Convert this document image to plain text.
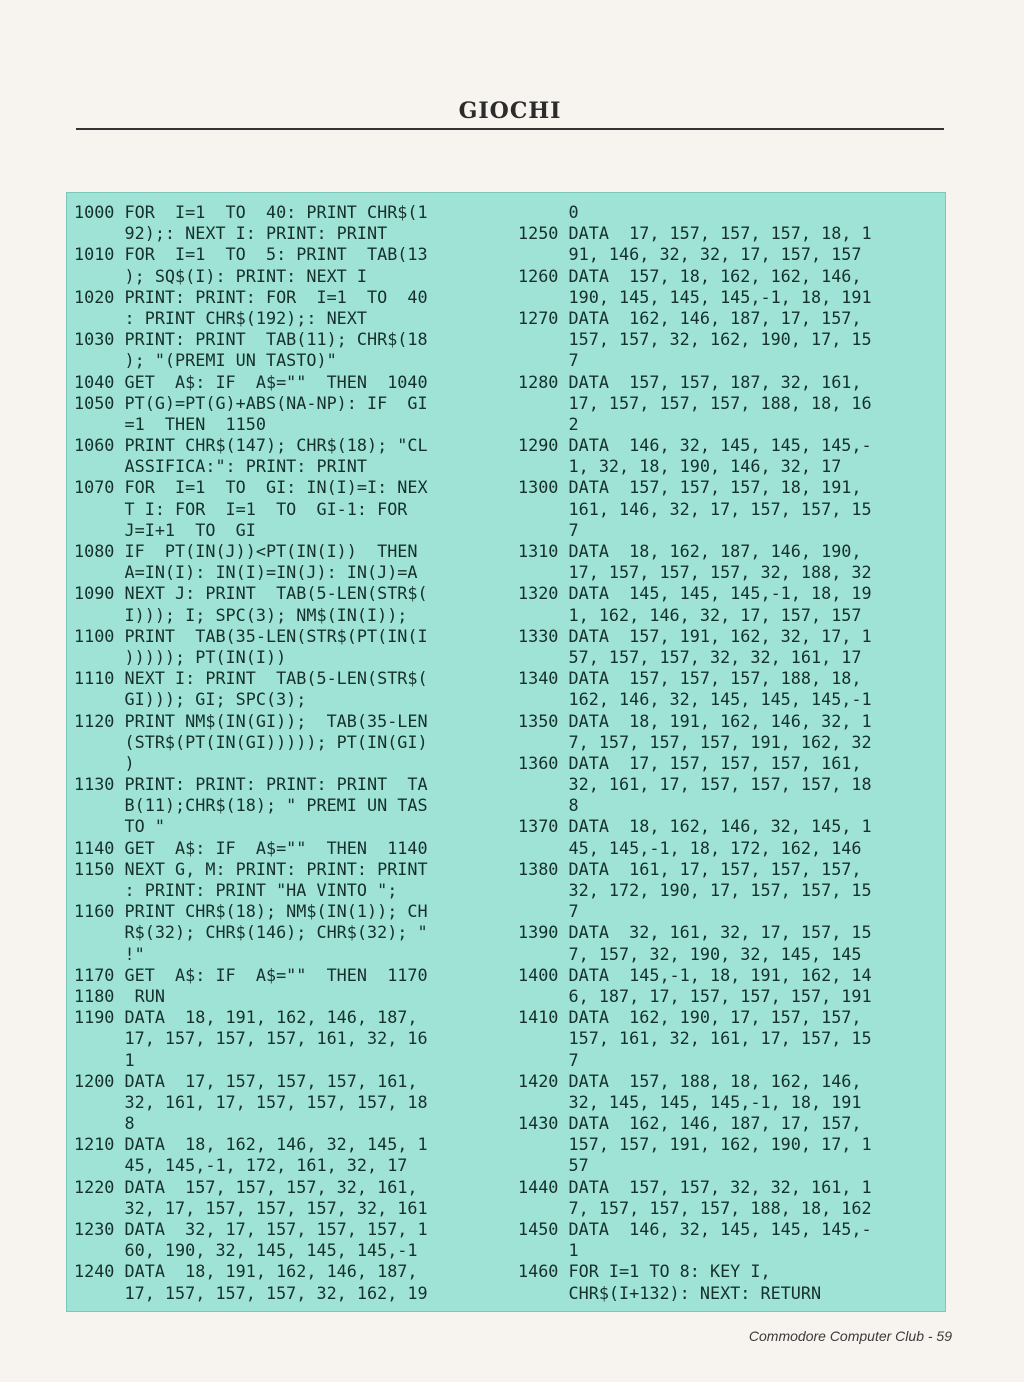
GIOCHI
1000 FOR  I=1  TO  40: PRINT CHR$(1
92);: NEXT I: PRINT: PRINT
1010 FOR  I=1  TO  5: PRINT  TAB(13
); SQ$(I): PRINT: NEXT I
1020 PRINT: PRINT: FOR  I=1  TO  40
: PRINT CHR$(192);: NEXT
1030 PRINT: PRINT  TAB(11); CHR$(18
); "(PREMI UN TASTO)"
1040 GET  A$: IF  A$=""  THEN  1040
1050 PT(G)=PT(G)+ABS(NA-NP): IF  GI
=1  THEN  1150
1060 PRINT CHR$(147); CHR$(18); "CL
ASSIFICA:": PRINT: PRINT
1070 FOR  I=1  TO  GI: IN(I)=I: NEX
T I: FOR  I=1  TO  GI-1: FOR
J=I+1  TO  GI
1080 IF  PT(IN(J))<PT(IN(I))  THEN
A=IN(I): IN(I)=IN(J): IN(J)=A
1090 NEXT J: PRINT  TAB(5-LEN(STR$(
I))); I; SPC(3); NM$(IN(I));
1100 PRINT  TAB(35-LEN(STR$(PT(IN(I
))))); PT(IN(I))
1110 NEXT I: PRINT  TAB(5-LEN(STR$(
GI))); GI; SPC(3);
1120 PRINT NM$(IN(GI));  TAB(35-LEN
(STR$(PT(IN(GI))))); PT(IN(GI)
)
1130 PRINT: PRINT: PRINT: PRINT  TA
B(11);CHR$(18); " PREMI UN TAS
TO "
1140 GET  A$: IF  A$=""  THEN  1140
1150 NEXT G, M: PRINT: PRINT: PRINT
: PRINT: PRINT "HA VINTO ";
1160 PRINT CHR$(18); NM$(IN(1)); CH
R$(32); CHR$(146); CHR$(32); "
!"
1170 GET  A$: IF  A$=""  THEN  1170
1180  RUN
1190 DATA  18, 191, 162, 146, 187,
17, 157, 157, 157, 161, 32, 16
1
1200 DATA  17, 157, 157, 157, 161,
32, 161, 17, 157, 157, 157, 18
8
1210 DATA  18, 162, 146, 32, 145, 1
45, 145,-1, 172, 161, 32, 17
1220 DATA  157, 157, 157, 32, 161,
32, 17, 157, 157, 157, 32, 161
1230 DATA  32, 17, 157, 157, 157, 1
60, 190, 32, 145, 145, 145,-1
1240 DATA  18, 191, 162, 146, 187,
17, 157, 157, 157, 32, 162, 19
0
1250 DATA  17, 157, 157, 157, 18, 1
91, 146, 32, 32, 17, 157, 157
1260 DATA  157, 18, 162, 162, 146,
190, 145, 145, 145,-1, 18, 191
1270 DATA  162, 146, 187, 17, 157,
157, 157, 32, 162, 190, 17, 15
7
1280 DATA  157, 157, 187, 32, 161,
17, 157, 157, 157, 188, 18, 16
2
1290 DATA  146, 32, 145, 145, 145,-
1, 32, 18, 190, 146, 32, 17
1300 DATA  157, 157, 157, 18, 191,
161, 146, 32, 17, 157, 157, 15
7
1310 DATA  18, 162, 187, 146, 190,
17, 157, 157, 157, 32, 188, 32
1320 DATA  145, 145, 145,-1, 18, 19
1, 162, 146, 32, 17, 157, 157
1330 DATA  157, 191, 162, 32, 17, 1
57, 157, 157, 32, 32, 161, 17
1340 DATA  157, 157, 157, 188, 18,
162, 146, 32, 145, 145, 145,-1
1350 DATA  18, 191, 162, 146, 32, 1
7, 157, 157, 157, 191, 162, 32
1360 DATA  17, 157, 157, 157, 161,
32, 161, 17, 157, 157, 157, 18
8
1370 DATA  18, 162, 146, 32, 145, 1
45, 145,-1, 18, 172, 162, 146
1380 DATA  161, 17, 157, 157, 157,
32, 172, 190, 17, 157, 157, 15
7
1390 DATA  32, 161, 32, 17, 157, 15
7, 157, 32, 190, 32, 145, 145
1400 DATA  145,-1, 18, 191, 162, 14
6, 187, 17, 157, 157, 157, 191
1410 DATA  162, 190, 17, 157, 157,
157, 161, 32, 161, 17, 157, 15
7
1420 DATA  157, 188, 18, 162, 146,
32, 145, 145, 145,-1, 18, 191
1430 DATA  162, 146, 187, 17, 157,
157, 157, 191, 162, 190, 17, 1
57
1440 DATA  157, 157, 32, 32, 161, 1
7, 157, 157, 157, 188, 18, 162
1450 DATA  146, 32, 145, 145, 145,-
1
1460 FOR I=1 TO 8: KEY I,
CHR$(I+132): NEXT: RETURN
Commodore Computer Club - 59
